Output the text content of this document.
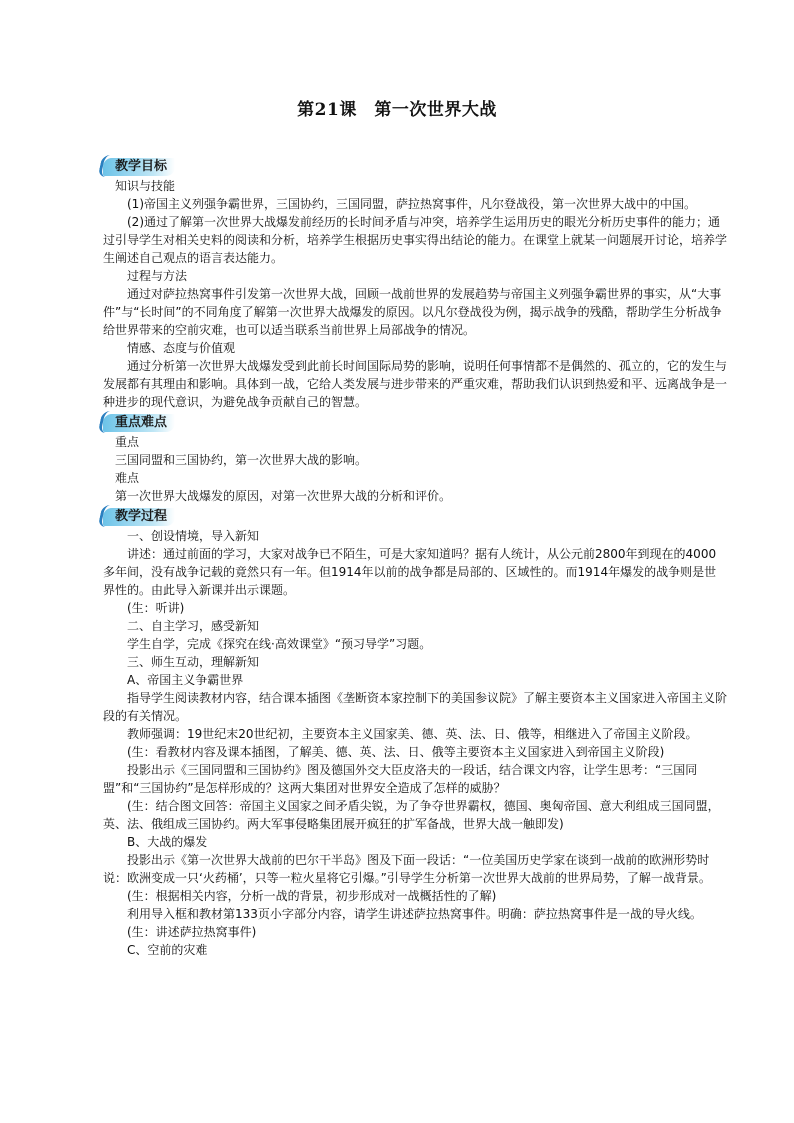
第21课　第一次世界大战
教学目标

知识与技能

(1)帝国主义列强争霸世界，三国协约，三国同盟，萨拉热窝事件，凡尔登战役，第一次世界大战中的中国。

(2)通过了解第一次世界大战爆发前经历的长时间矛盾与冲突，培养学生运用历史的眼光分析历史事件的能力；通过引导学生对相关史料的阅读和分析，培养学生根据历史事实得出结论的能力。在课堂上就某一问题展开讨论，培养学生阐述自己观点的语言表达能力。

过程与方法

通过对萨拉热窝事件引发第一次世界大战，回顾一战前世界的发展趋势与帝国主义列强争霸世界的事实，从“大事件”与“长时间”的不同角度了解第一次世界大战爆发的原因。以凡尔登战役为例，揭示战争的残酷，帮助学生分析战争给世界带来的空前灾难，也可以适当联系当前世界上局部战争的情况。

情感、态度与价值观

通过分析第一次世界大战爆发受到此前长时间国际局势的影响，说明任何事情都不是偶然的、孤立的，它的发生与发展都有其理由和影响。具体到一战，它给人类发展与进步带来的严重灾难，帮助我们认识到热爱和平、远离战争是一种进步的现代意识，为避免战争贡献自己的智慧。

重点难点

重点

三国同盟和三国协约，第一次世界大战的影响。

难点

第一次世界大战爆发的原因，对第一次世界大战的分析和评价。

教学过程

一、创设情境，导入新知

讲述：通过前面的学习，大家对战争已不陌生，可是大家知道吗？据有人统计，从公元前2800年到现在的4000多年间，没有战争记载的竟然只有一年。但1914年以前的战争都是局部的、区域性的。而1914年爆发的战争则是世界性的。由此导入新课并出示课题。

(生：听讲)

二、自主学习，感受新知

学生自学，完成《探究在线·高效课堂》“预习导学”习题。

三、师生互动，理解新知

A、帝国主义争霸世界

指导学生阅读教材内容，结合课本插图《垄断资本家控制下的美国参议院》了解主要资本主义国家进入帝国主义阶段的有关情况。

教师强调：19世纪末20世纪初，主要资本主义国家美、德、英、法、日、俄等，相继进入了帝国主义阶段。

(生：看教材内容及课本插图，了解美、德、英、法、日、俄等主要资本主义国家进入到帝国主义阶段)

投影出示《三国同盟和三国协约》图及德国外交大臣皮洛夫的一段话，结合课文内容，让学生思考：“三国同盟”和“三国协约”是怎样形成的？这两大集团对世界安全造成了怎样的威胁？

(生：结合图文回答：帝国主义国家之间矛盾尖锐，为了争夺世界霸权，德国、奥匈帝国、意大利组成三国同盟，英、法、俄组成三国协约。两大军事侵略集团展开疯狂的扩军备战，世界大战一触即发)

B、大战的爆发

投影出示《第一次世界大战前的巴尔干半岛》图及下面一段话：“一位美国历史学家在谈到一战前的欧洲形势时说：欧洲变成一只‘火药桶’，只等一粒火星将它引爆。”引导学生分析第一次世界大战前的世界局势，了解一战背景。

(生：根据相关内容，分析一战的背景，初步形成对一战概括性的了解)

利用导入框和教材第133页小字部分内容，请学生讲述萨拉热窝事件。明确：萨拉热窝事件是一战的导火线。

(生：讲述萨拉热窝事件)

C、空前的灾难
